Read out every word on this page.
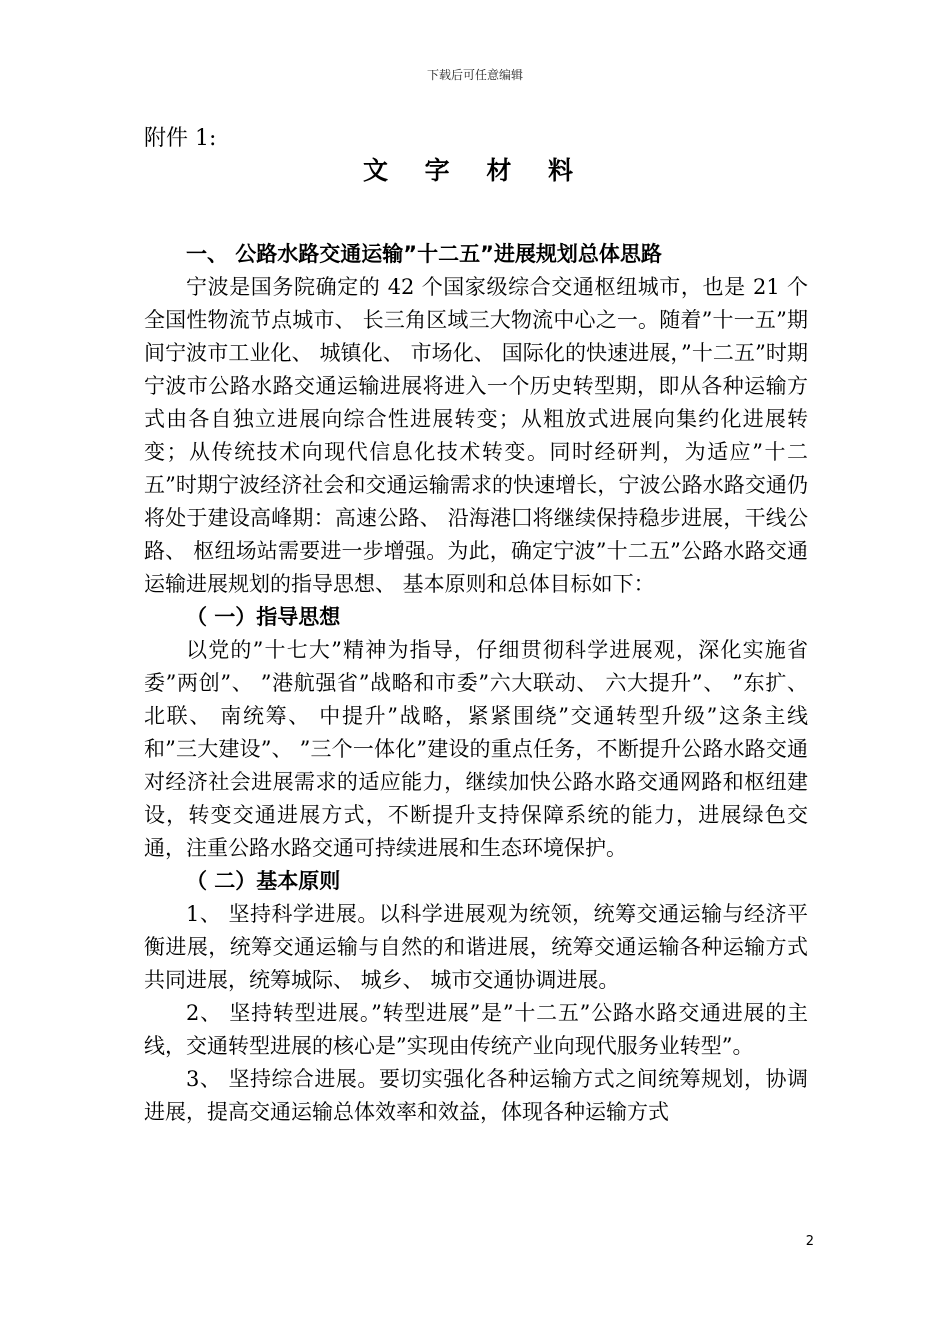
下载后可任意编辑
附件 1:
文 字 材 料
一、 公路水路交通运输”十二五”进展规划总体思路

宁波是国务院确定的 42 个国家级综合交通枢纽城市，也是 21 个全国性物流节点城市、 长三角区域三大物流中心之一。随着”十一五”期间宁波市工业化、 城镇化、 市场化、 国际化的快速进展，”十二五”时期宁波市公路水路交通运输进展将进入一个历史转型期，即从各种运输方式由各自独立进展向综合性进展转变；从粗放式进展向集约化进展转变；从传统技术向现代信息化技术转变。同时经研判，为适应”十二五”时期宁波经济社会和交通运输需求的快速增长，宁波公路水路交通仍将处于建设高峰期：高速公路、 沿海港囗将继续保持稳步进展，干线公路、 枢纽场站需要进一步增强。为此，确定宁波”十二五”公路水路交通运输进展规划的指导思想、 基本原则和总体目标如下：

（ 一）指导思想

以党的”十七大”精神为指导，仔细贯彻科学进展观，深化实施省委”两创”、 ”港航强省”战略和市委”六大联动、 六大提升”、 ”东扩、 北联、 南统筹、 中提升”战略，紧紧围绕”交通转型升级”这条主线和”三大建设”、 ”三个一体化”建设的重点任务，不断提升公路水路交通对经济社会进展需求的适应能力，继续加快公路水路交通网路和枢纽建设，转变交通进展方式，不断提升支持保障系统的能力，进展绿色交通，注重公路水路交通可持续进展和生态环境保护。

（ 二）基本原则

1、 坚持科学进展。以科学进展观为统领，统筹交通运输与经济平衡进展，统筹交通运输与自然的和谐进展，统筹交通运输各种运输方式共同进展，统筹城际、 城乡、 城市交通协调进展。

2、 坚持转型进展。”转型进展”是”十二五”公路水路交通进展的主线，交通转型进展的核心是”实现由传统产业向现代服务业转型”。

3、 坚持综合进展。要切实强化各种运输方式之间统筹规划，协调进展，提高交通运输总体效率和效益，体现各种运输方式

2
